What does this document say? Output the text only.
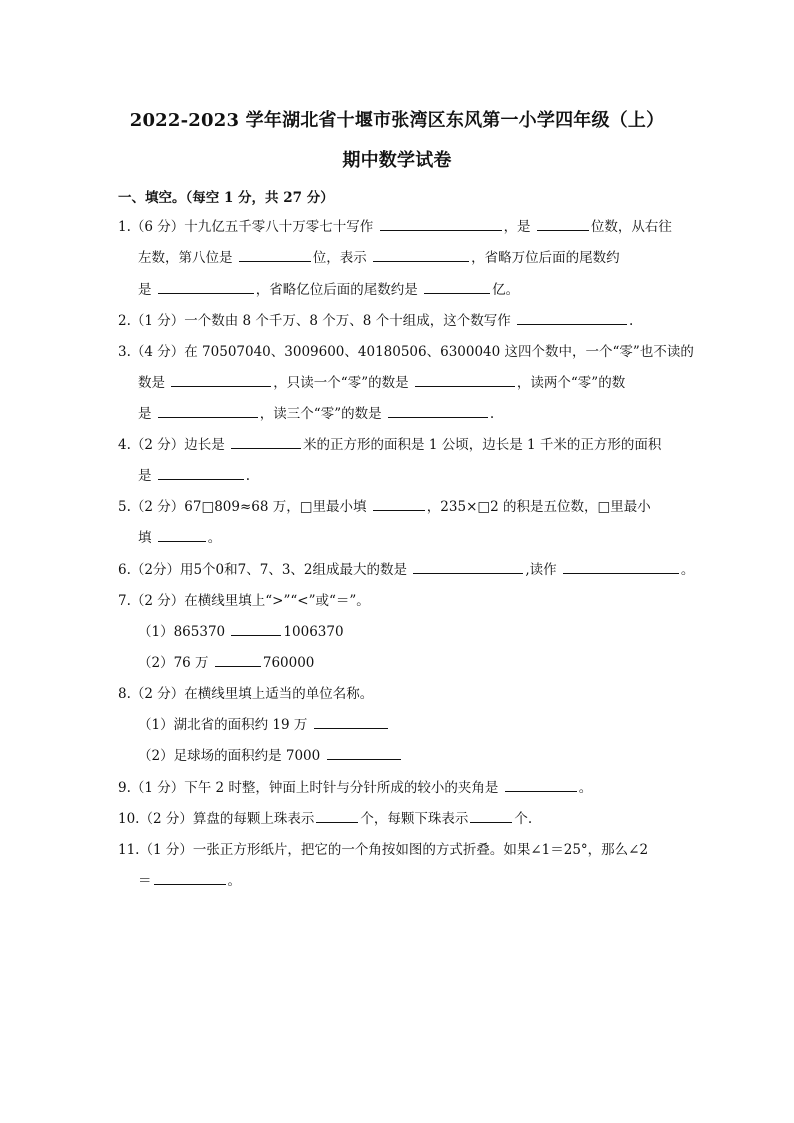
2022-2023 学年湖北省十堰市张湾区东风第一小学四年级（上）
期中数学试卷
一、填空。（每空 1 分，共 27 分）
1.（6 分）十九亿五千零八十万零七十写作	，是	位数，从右往
左数，第八位是	位，表示	，省略万位后面的尾数约
是	，省略亿位后面的尾数约是	亿。
2.（1 分）一个数由 8 个千万、8 个万、8 个十组成，这个数写作	.
3.（4 分）在 70507040、3009600、40180506、6300040 这四个数中，一个“零”也不读的
数是	，只读一个“零”的数是	，读两个“零”的数
是	，读三个“零”的数是	.
4.（2 分）边长是	米的正方形的面积是 1 公顷，边长是 1 千米的正方形的面积
是	.
5.（2 分）67□809≈68 万，□里最小填	，235×□2 的积是五位数，□里最小
填	。
6.（2分）用5个0和7、7、3、2组成最大的数是	,读作	。
7.（2 分）在横线里填上“>”“<”或“＝”。
（1）865370	1006370
（2）76 万	760000
8.（2 分）在横线里填上适当的单位名称。
（1）湖北省的面积约 19 万
（2）足球场的面积约是 7000
9.（1 分）下午 2 时整，钟面上时针与分针所成的较小的夹角是	。
10.（2 分）算盘的每颗上珠表示	个，每颗下珠表示	个.
11.（1 分）一张正方形纸片，把它的一个角按如图的方式折叠。如果∠1＝25°，那么∠2
＝	。
